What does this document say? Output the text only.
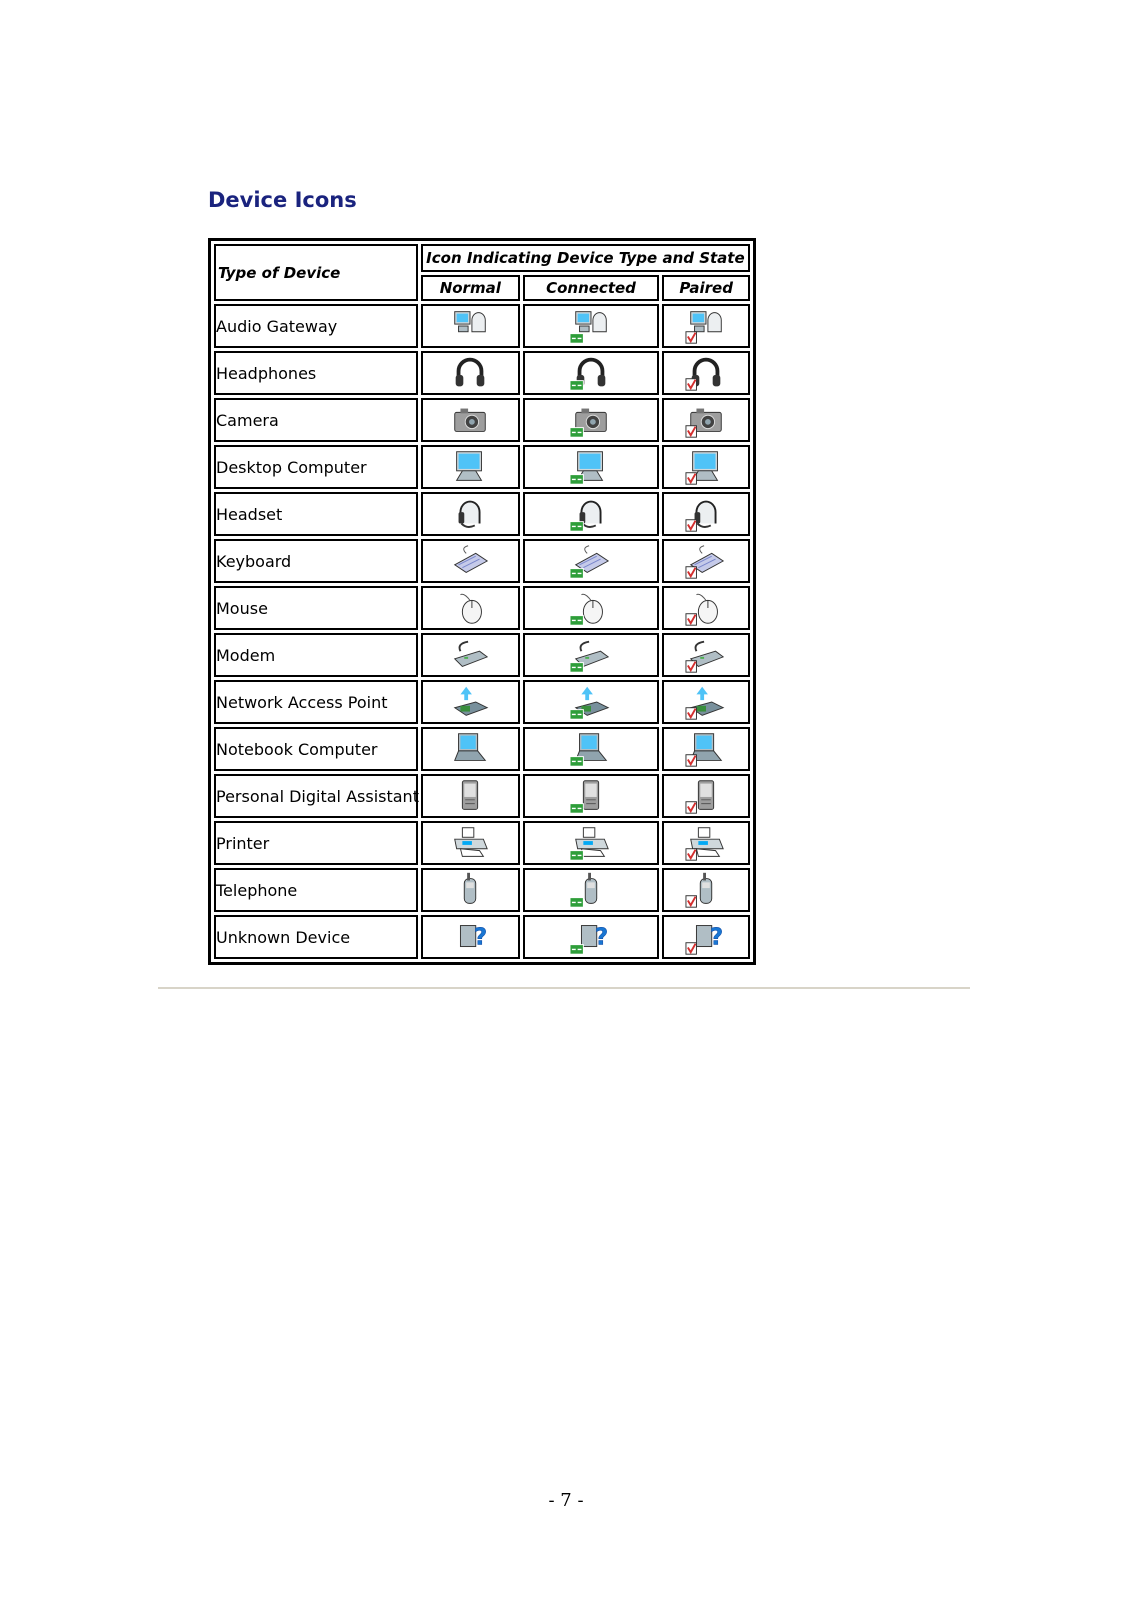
Device Icons
Type of Device	Icon Indicating Device Type and State		
	Normal	Connected	Paired
Audio Gateway	

Headphones	

Camera	

Desktop Computer	

Headset	

Keyboard	

Mouse	

Modem	

Network Access Point	

Notebook Computer	

Personal Digital Assistant	

Printer	

Telephone	

Unknown Device	?	?	?
- 7 -
